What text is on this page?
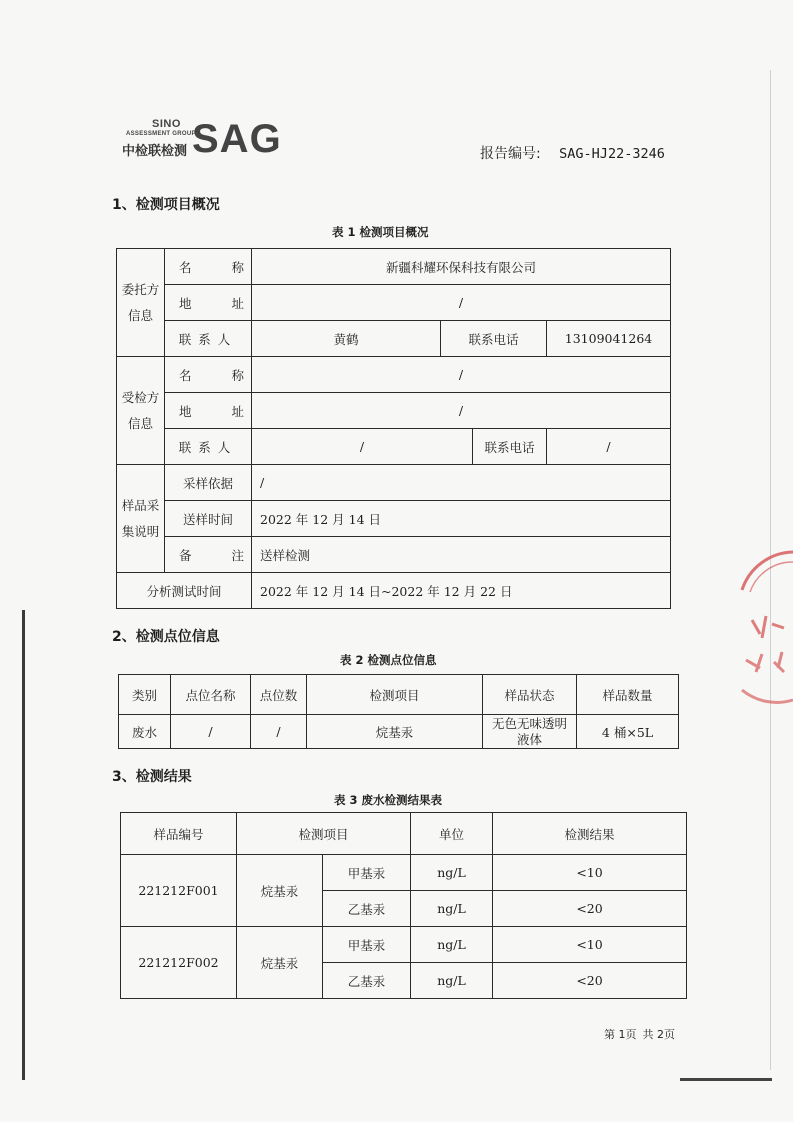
SINO
ASSESSMENT GROUP
中检联检测 SAG	报告编号: SAG-HJ22-3246
1、检测项目概况
表 1 检测项目概况
委托方信息	名 称	新疆科耀环保科技有限公司			
	地 址	/			
	联系人	黄鹤	联系电话		13109041264
受检方信息	名 称	/			
	地 址	/			
	联系人	/		联系电话	/
样品采集说明	采样依据	/			
	送样时间	2022 年 12 月 14 日			
	备 注	送样检测			
分析测试时间		2022 年 12 月 14 日~2022 年 12 月 22 日			
2、检测点位信息
表 2 检测点位信息
类别	点位名称	点位数	检测项目	样品状态	样品数量
废水	/	/	烷基汞	无色无味透明液体	4 桶×5L
3、检测结果
表 3 废水检测结果表
样品编号	检测项目		单位	检测结果
221212F001	烷基汞	甲基汞	ng/L	<10
		乙基汞	ng/L	<20
221212F002	烷基汞	甲基汞	ng/L	<10
		乙基汞	ng/L	<20
第 1页 共 2页
